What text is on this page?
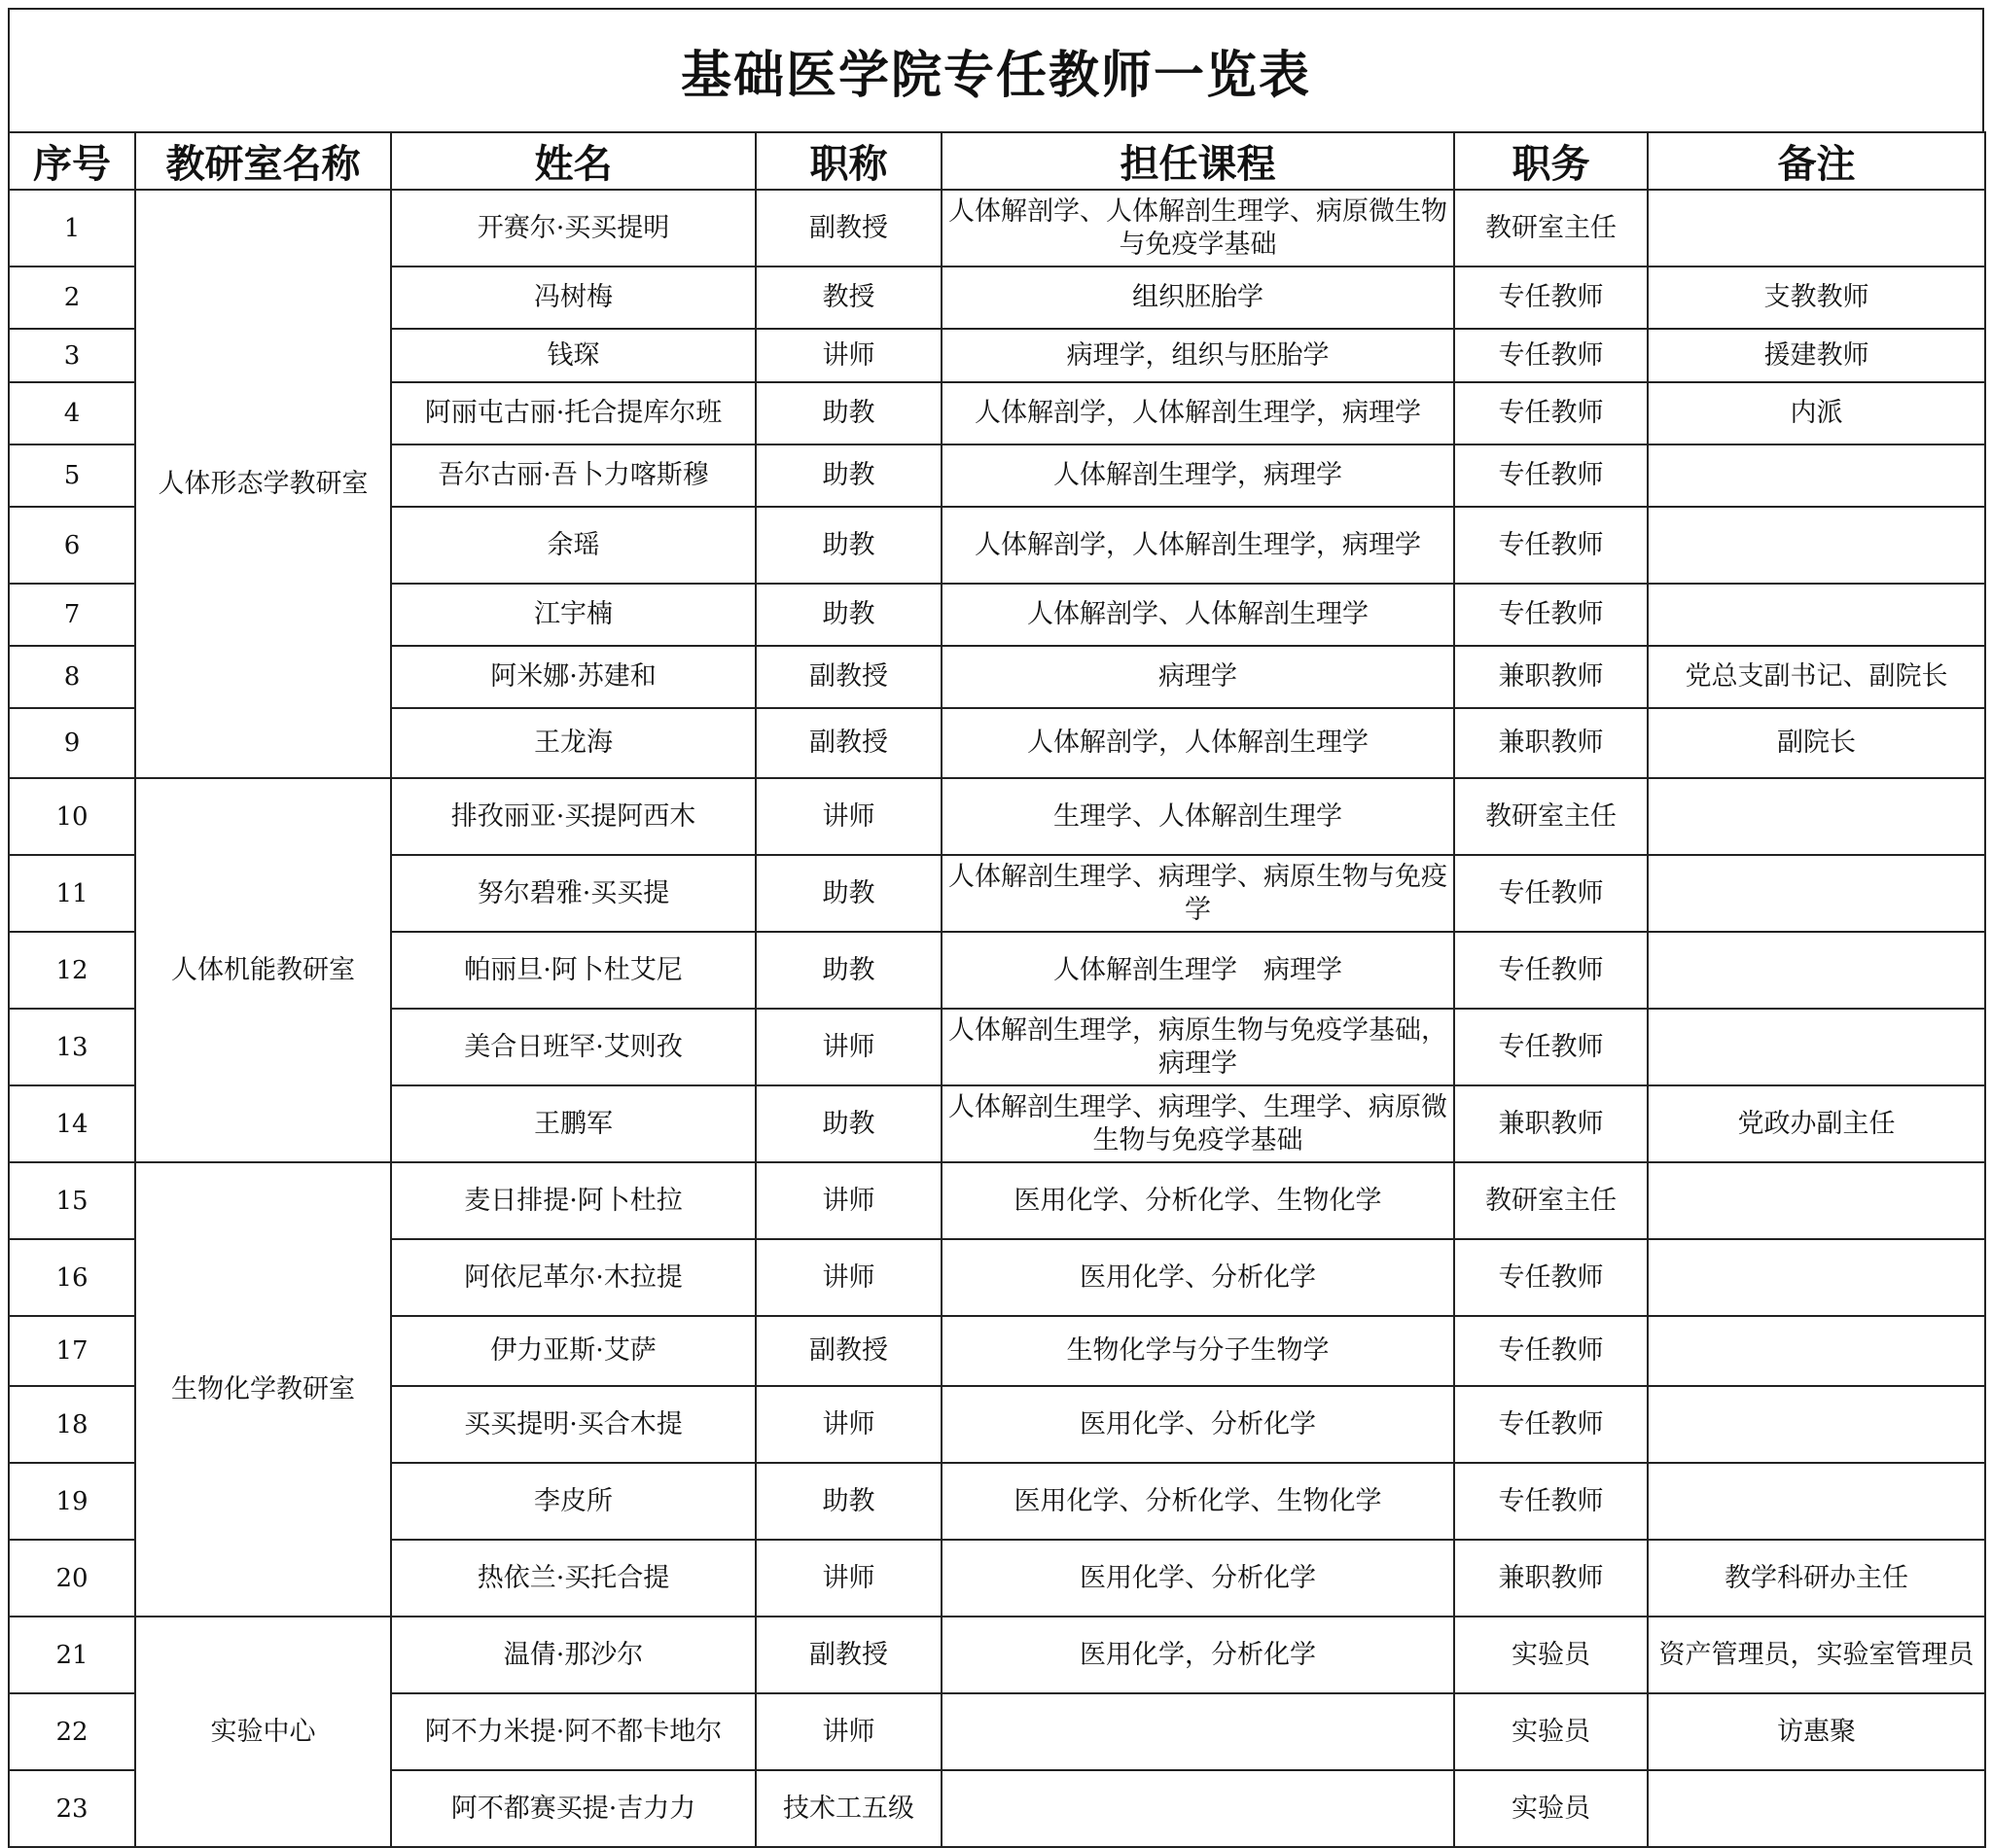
基础医学院专任教师一览表
序号	教研室名称	姓名	职称	担任课程	职务	备注
1	人体形态学教研室	开赛尔·买买提明	副教授	人体解剖学、人体解剖生理学、病原微生物与免疫学基础	教研室主任	
2		冯树梅	教授	组织胚胎学	专任教师	支教教师
3		钱琛	讲师	病理学，组织与胚胎学	专任教师	援建教师
4		阿丽屯古丽·托合提库尔班	助教	人体解剖学，人体解剖生理学，病理学	专任教师	内派
5		吾尔古丽·吾卜力喀斯穆	助教	人体解剖生理学，病理学	专任教师	
6		余瑶	助教	人体解剖学，人体解剖生理学，病理学	专任教师	
7		江宇楠	助教	人体解剖学、人体解剖生理学	专任教师	
8		阿米娜·苏建和	副教授	病理学	兼职教师	党总支副书记、副院长
9		王龙海	副教授	人体解剖学，人体解剖生理学	兼职教师	副院长
10	人体机能教研室	排孜丽亚·买提阿西木	讲师	生理学、人体解剖生理学	教研室主任	
11		努尔碧雅·买买提	助教	人体解剖生理学、病理学、病原生物与免疫学	专任教师	
12		帕丽旦·阿卜杜艾尼	助教	人体解剖生理学　病理学	专任教师	
13		美合日班罕·艾则孜	讲师	人体解剖生理学，病原生物与免疫学基础，病理学	专任教师	
14		王鹏军	助教	人体解剖生理学、病理学、生理学、病原微生物与免疫学基础	兼职教师	党政办副主任
15	生物化学教研室	麦日排提·阿卜杜拉	讲师	医用化学、分析化学、生物化学	教研室主任	
16		阿依尼革尔·木拉提	讲师	医用化学、分析化学	专任教师	
17		伊力亚斯·艾萨	副教授	生物化学与分子生物学	专任教师	
18		买买提明·买合木提	讲师	医用化学、分析化学	专任教师	
19		李皮所	助教	医用化学、分析化学、生物化学	专任教师	
20		热依兰·买托合提	讲师	医用化学、分析化学	兼职教师	教学科研办主任
21	实验中心	温倩·那沙尔	副教授	医用化学，分析化学	实验员	资产管理员，实验室管理员
22		阿不力米提·阿不都卡地尔	讲师		实验员	访惠聚
23		阿不都赛买提·吉力力	技术工五级		实验员	
